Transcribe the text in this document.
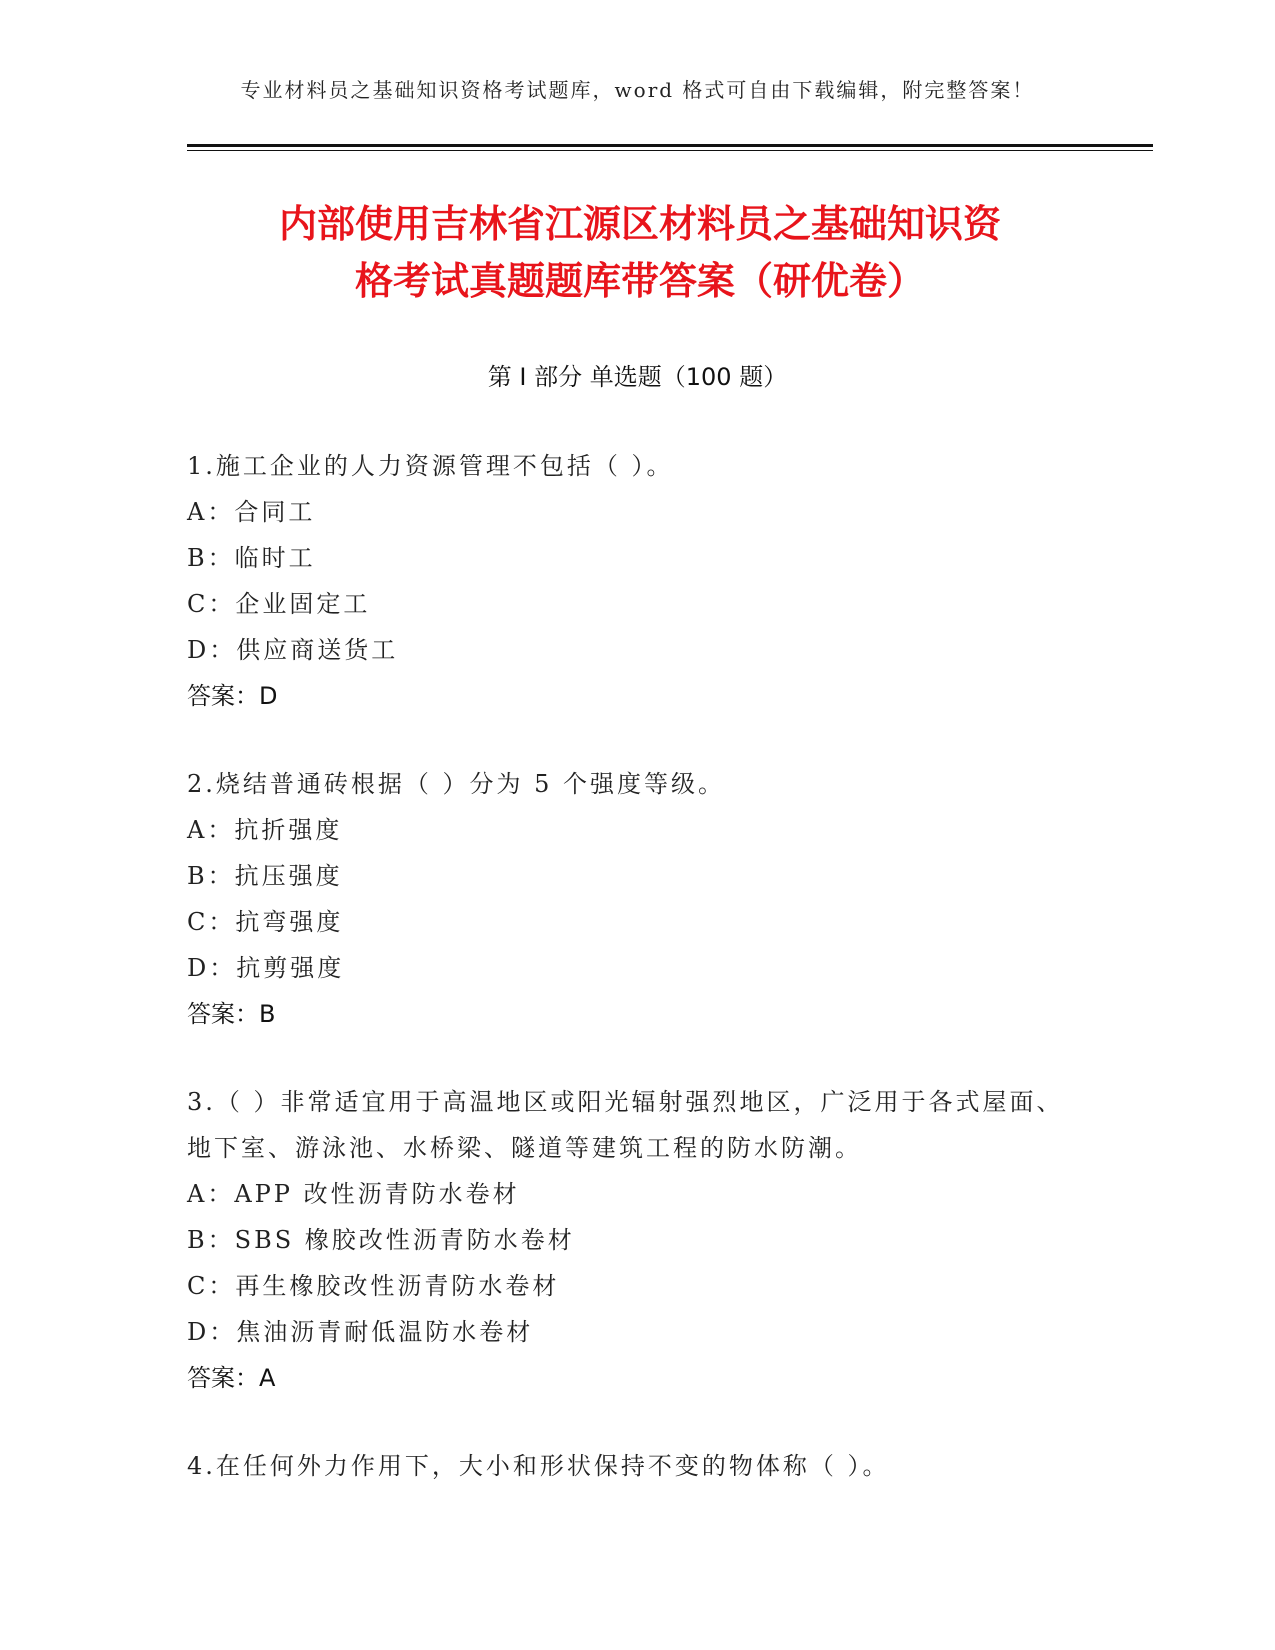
专业材料员之基础知识资格考试题库，word 格式可自由下载编辑，附完整答案！
内部使用吉林省江源区材料员之基础知识资
格考试真题题库带答案（研优卷）
第 I 部分 单选题（100 题）
1.施工企业的人力资源管理不包括（ ）。
A：合同工
B：临时工
C：企业固定工
D：供应商送货工
答案：D
2.烧结普通砖根据（ ）分为 5 个强度等级。
A：抗折强度
B：抗压强度
C：抗弯强度
D：抗剪强度
答案：B
3.（ ）非常适宜用于高温地区或阳光辐射强烈地区，广泛用于各式屋面、地下室、游泳池、水桥梁、隧道等建筑工程的防水防潮。
A：APP 改性沥青防水卷材
B：SBS 橡胶改性沥青防水卷材
C：再生橡胶改性沥青防水卷材
D：焦油沥青耐低温防水卷材
答案：A
4.在任何外力作用下，大小和形状保持不变的物体称（ ）。
